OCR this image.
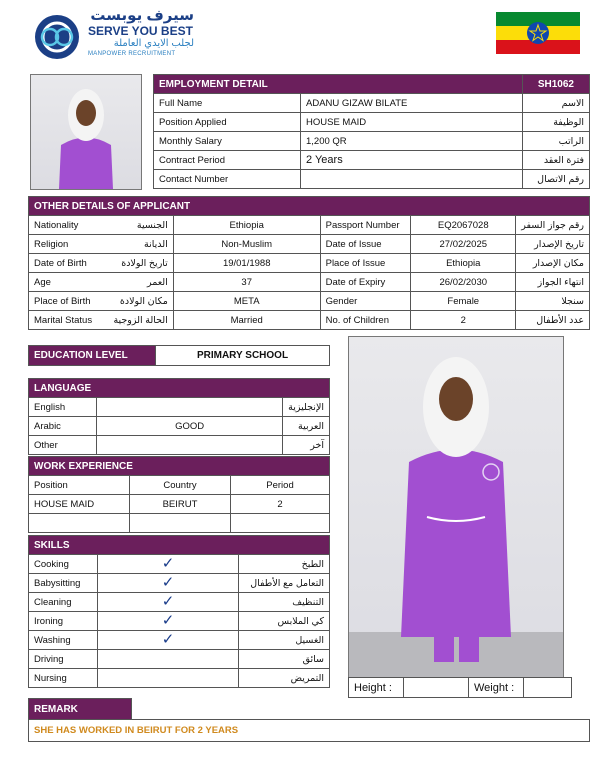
سيرف يوبست
SERVE YOU BEST
لجلب الايدي العاملة
MANPOWER RECRUITMENT
EMPLOYMENT DETAIL		SH1062
Full Name	ADANU GIZAW BILATE	الاسم
Position Applied	HOUSE MAID	الوظيفة
Monthly Salary	1,200 QR	الراتب
Contract Period	2 Years	فترة العقد
Contact Number		رقم الاتصال
OTHER DETAILS OF APPLICANT					
Nationality	الجنسية	Ethiopia	Passport Number	EQ2067028	رقم جواز السفر
Religion	الديانة	Non-Muslim	Date of Issue	27/02/2025	تاريخ الإصدار
Date of Birth	تاريخ الولادة	19/01/1988	Place of Issue	Ethiopia	مكان الإصدار
Age	العمر	37	Date of Expiry	26/02/2030	انتهاء الجواز
Place of Birth	مكان الولادة	META	Gender	Female	سنجلا
Marital Status	الحالة الزوجية	Married	No. of Children	2	عدد الأطفال
EDUCATION LEVEL	PRIMARY SCHOOL
LANGUAGE		
English		الإنجليزية
Arabic	GOOD	العربية
Other		آخر
WORK EXPERIENCE		
Position	Country	Period
HOUSE MAID	BEIRUT	2

SKILLS		
Cooking	✓	الطبخ
Babysitting	✓	التعامل مع الأطفال
Cleaning	✓	التنظيف
Ironing	✓	كي الملابس
Washing	✓	الغسيل
Driving		سائق
Nursing		التمريض
Height :		Weight :	
REMARK	
SHE HAS WORKED IN BEIRUT FOR 2 YEARS
